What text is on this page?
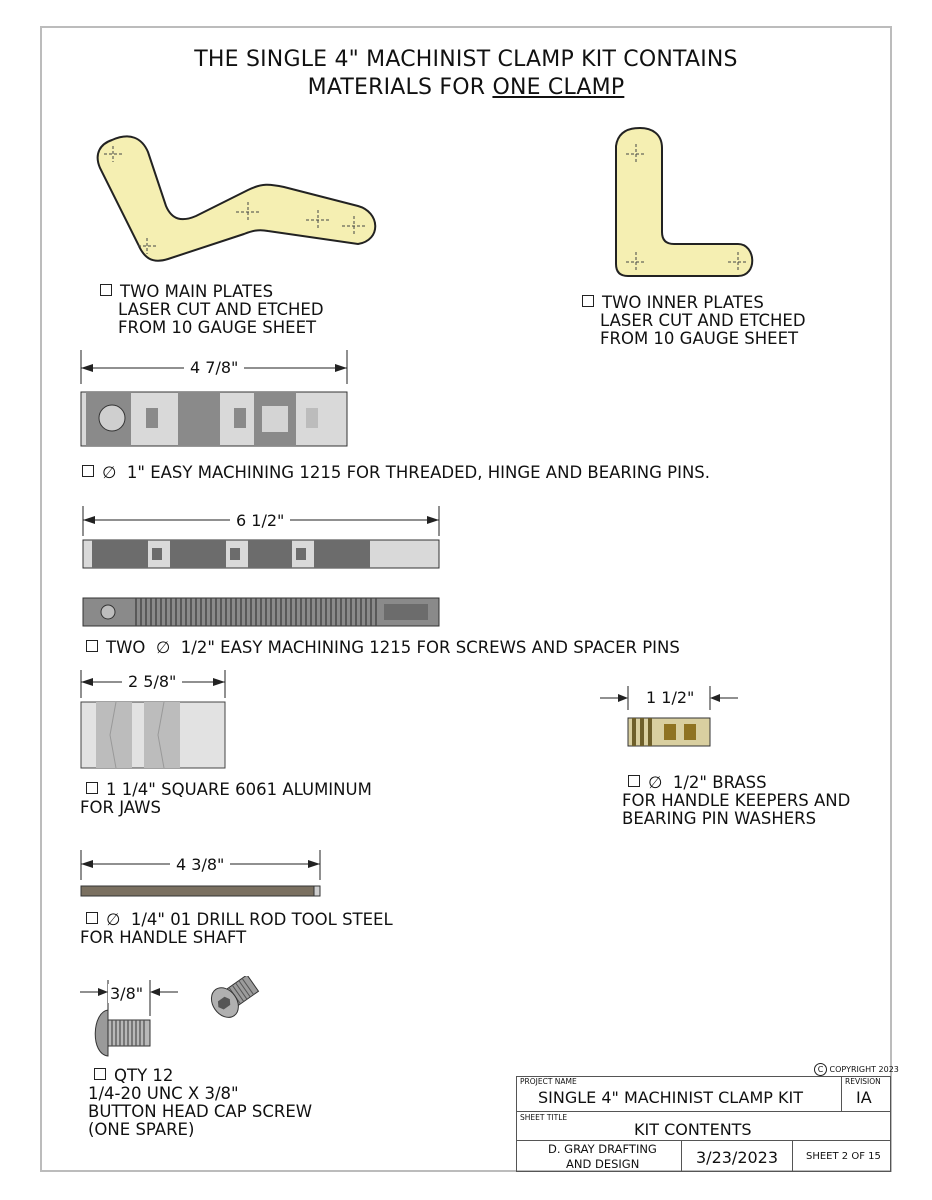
THE SINGLE 4" MACHINIST CLAMP KIT CONTAINS
MATERIALS FOR ONE CLAMP
TWO MAIN PLATES
LASER CUT AND ETCHED
FROM 10 GAUGE SHEET
TWO INNER PLATES
LASER CUT AND ETCHED
FROM 10 GAUGE SHEET
4 7/8"
∅ 1" EASY MACHINING 1215 FOR THREADED, HINGE AND BEARING PINS.
6 1/2"
TWO ∅ 1/2" EASY MACHINING 1215 FOR SCREWS AND SPACER PINS
2 5/8"
1 1/4" SQUARE 6061 ALUMINUM
FOR JAWS
1 1/2"
∅ 1/2" BRASS
FOR HANDLE KEEPERS AND
BEARING PIN WASHERS
4 3/8"
∅ 1/4" 01 DRILL ROD TOOL STEEL
FOR HANDLE SHAFT
3/8"
QTY 12
1/4-20 UNC X 3/8"
BUTTON HEAD CAP SCREW
(ONE SPARE)
C COPYRIGHT 2023
PROJECT NAME
SINGLE 4" MACHINIST CLAMP KIT
REVISION
IA
SHEET TITLE
KIT CONTENTS
D. GRAY DRAFTING
AND DESIGN	3/23/2023	SHEET 2 OF 15
